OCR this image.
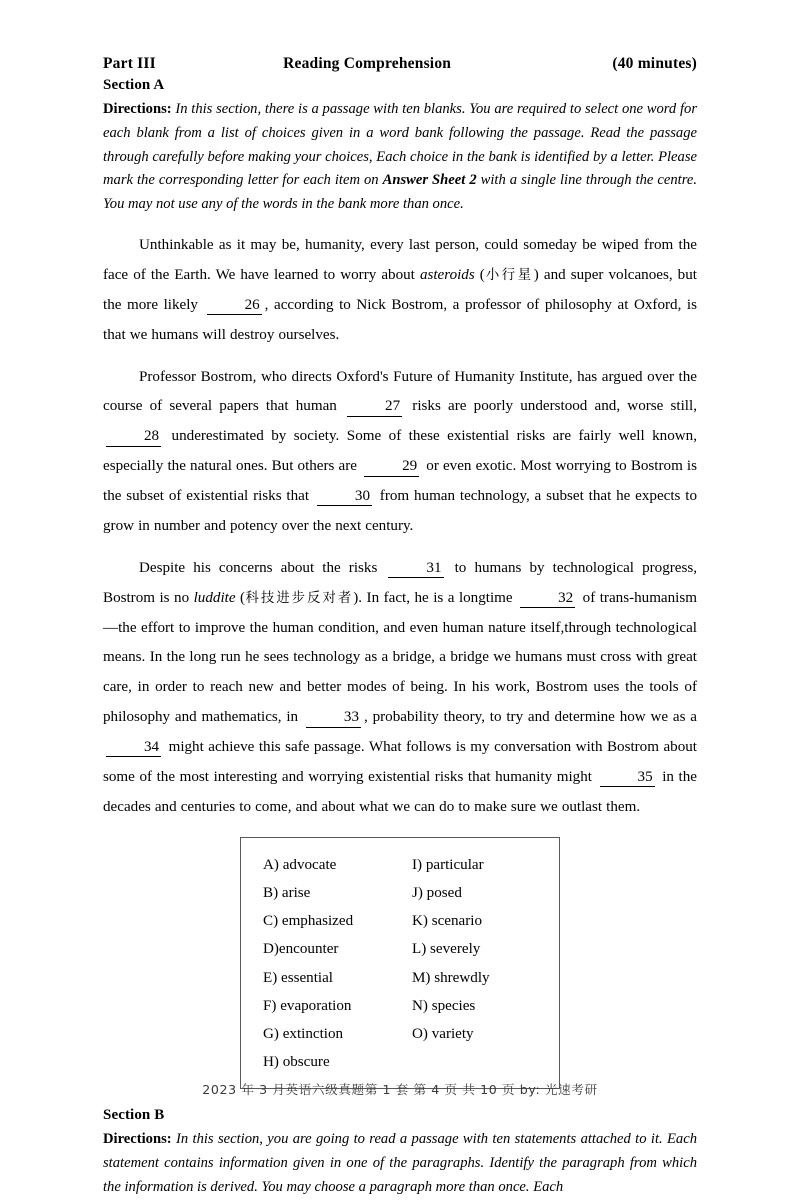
Part III	Reading Comprehension	(40 minutes)
Section A

Directions: In this section, there is a passage with ten blanks. You are required to select one word for each blank from a list of choices given in a word bank following the passage. Read the passage through carefully before making your choices, Each choice in the bank is identified by a letter. Please mark the corresponding letter for each item on Answer Sheet 2 with a single line through the centre. You may not use any of the words in the bank more than once.

Unthinkable as it may be, humanity, every last person, could someday be wiped from the face of the Earth. We have learned to worry about asteroids (小行星) and super volcanoes, but the more likely	26 , according to Nick Bostrom, a professor of philosophy at Oxford, is that we humans will destroy ourselves.

Professor Bostrom, who directs Oxford's Future of Humanity Institute, has argued over the course of several papers that human	27 risks are poorly understood and, worse still, 28 underestimated by society. Some of these existential risks are fairly well known, especially the natural ones. But others are	29 or even exotic. Most worrying to Bostrom is the subset of existential risks that	30 from human technology, a subset that he expects to grow in number and potency over the next century.

Despite his concerns about the risks	31 to humans by technological progress, Bostrom is no luddite (科技进步反对者). In fact, he is a longtime	32 of trans-humanism—the effort to improve the human condition, and even human nature itself,through technological means. In the long run he sees technology as a bridge, a bridge we humans must cross with great care, in order to reach new and better modes of being. In his work, Bostrom uses the tools of philosophy and mathematics, in	33 , probability theory, to try and determine how we as a 34 might achieve this safe passage. What follows is my conversation with Bostrom about some of the most interesting and worrying existential risks that humanity might	35 in the decades and centuries to come, and about what we can do to make sure we outlast them.

A) advocate
B) arise
C) emphasized
D)encounter
E) essential
F) evaporation
G) extinction
H) obscure
I) particular
J) posed
K) scenario
L) severely
M) shrewdly
N) species
O) variety
Section B

Directions: In this section, you are going to read a passage with ten statements attached to it. Each statement contains information given in one of the paragraphs. Identify the paragraph from which the information is derived. You may choose a paragraph more than once. Each

2023 年 3 月英语六级真题第 1 套 第 4 页 共 10 页 by: 光速考研
